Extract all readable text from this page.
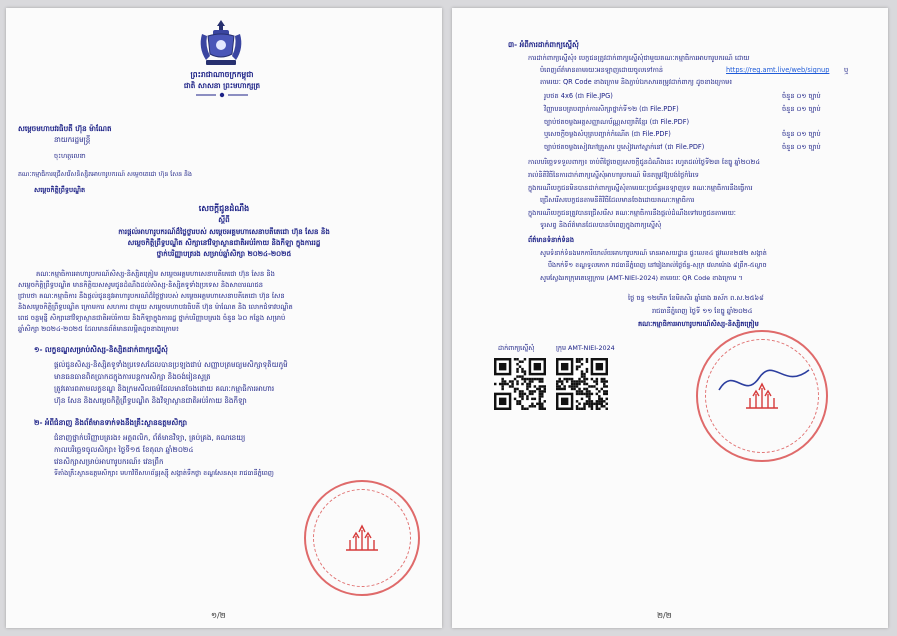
ព្រះរាជាណាចក្រកម្ពុជា
ជាតិ សាសនា ព្រះមហាក្សត្រ
សម្តេចមហាបវរធិបតី ហ៊ុន ម៉ាណែត
នាយករដ្ឋមន្ត្រី
ចុះហត្ថលេខា
គណៈកម្មាធិការជ្រើសរើសនិស្សិតអាហារូបករណ៍ សម្តេចតេជោ ហ៊ុន សែន និង
សម្តេចកិត្តិព្រឹទ្ធបណ្ឌិត
សេចក្តីជូនដំណឹង
ស្តីពី
ការផ្តល់អាហារូបករណ៍ដ៏ថ្លៃថ្លារបស់ សម្តេចអគ្គមហាសេនាបតីតេជោ ហ៊ុន សែន និង
សម្តេចកិត្តិព្រឹទ្ធបណ្ឌិត សិក្សានៅវិទ្យាស្ថានជាតិអប់រំកាយ និងកីឡា ក្នុងការរដ្ឋ
ថ្នាក់បរិញ្ញាបត្ររង សម្រាប់ឆ្នាំសិក្សា ២០២៤-២០២៥
គណៈកម្មាធិការអាហារូបករណ៍សិស្ស-និស្សិតត្រៀម សម្តេចអគ្គមហាសេនាបតីតេជោ ហ៊ុន សែន និង
សម្តេចកិត្តិព្រឹទ្ធបណ្ឌិត មានកិត្តិយសសូមជូនដំណឹងដល់សិស្ស-និស្សិតទូទាំងប្រទេស និងសាធារណជន
ជ្រាបថា គណៈកម្មាធិការ នឹងផ្តល់ជូននូវអាហារូបករណ៍ដ៏ថ្លៃថ្លារបស់ សម្តេចអគ្គមហាសេនាបតីតេជោ ហ៊ុន សែន
និងសម្តេចកិត្តិព្រឹទ្ធបណ្ឌិត ក្រោមការ សហការ ជាមួយ សម្តេចមហាបវរធិបតី ហ៊ុន ម៉ាណែត និង លោកជំទាវបណ្ឌិត
ពេជ ចន្ទមុន្នី សិក្សានៅវិទ្យាស្ថានជាតិអប់រំកាយ និងកីឡាក្នុងការរដ្ឋ ថ្នាក់បរិញ្ញាបត្ររង ចំនួន ៦០ កន្លែង សម្រាប់
ឆ្នាំសិក្សា ២០២៤-២០២៥ ដែលមានព័ត៌មានលម្អិតដូចខាងក្រោម៖
១- លក្ខខណ្ឌសម្រាប់សិស្ស-និស្សិតដាក់ពាក្យស្នើសុំ
ផ្តល់ជូនសិស្ស-និស្សិតទូទាំងប្រទេសដែលបានប្រឡងជាប់ សញ្ញាបត្រមធ្យមសិក្សាទុតិយភូមិ
មានធនធានពិតប្រាកដក្នុងការបន្តការសិក្សា និងចង់រៀនសូត្រ
ត្រូវគោរពតាមលក្ខខណ្ឌ និងក្រមសីលធម៌ដែលមានចែងដោយ គណៈកម្មាធិការអាហារ
ហ៊ុន សែន និងសម្តេចកិត្តិព្រឹទ្ធបណ្ឌិត និងវិទ្យាស្ថានជាតិអប់រំកាយ និងកីឡា
២- អំពីជំនាញ និងព័ត៌មានទាក់ទងនឹងគ្រឹះស្ថានឧត្តមសិក្សា
ជំនាញថ្នាក់បរិញ្ញាបត្ររង៖ អត្តពលិក, ព័ត៌មានវិទ្យា, គ្រប់គ្រង, គណនេយ្យ
កាលបរិច្ឆេទចូលសិក្សា៖ ថ្ងៃទី១៥ ខែតុលា ឆ្នាំ២០២៤
វេនសិក្សាសម្រាប់អាហារូបករណ៍៖ វេនព្រឹក
ទីតាំងគ្រឹះស្ថានឧត្តមសិក្សា៖ មហាវិថីសហព័ន្ធរុស្ស៊ី សង្កាត់ទឹកថ្លា ខណ្ឌសែនសុខ រាជធានីភ្នំពេញ
១/២
៣- អំពីការដាក់ពាក្យស្នើសុំ
ការដាក់ពាក្យស្នើសុំ៖ បេក្ខជនត្រូវដាក់ពាក្យស្នើសុំជាមួយគណៈកម្មាធិការអាហារូបករណ៍ ដោយ
បំពេញព័ត៌មានតាមរយៈអនឡាញដោយចូលទៅកាន់	https://reg.amt.live/web/signup ឬ
តាមរយៈ QR Code ខាងក្រោម និងភ្ជាប់ឯកសារតម្រូវដាក់ពាក្យ ដូចខាងក្រោម៖
រូបថត 4x6 (ជា File.JPG)	ចំនួន ០១ ច្បាប់
វិញ្ញាបនបត្របញ្ជាក់ការសិក្សាថ្នាក់ទី១២ (ជា File.PDF)	ចំនួន ០១ ច្បាប់
ច្បាប់ថតចម្លងអត្តសញ្ញាណប័ណ្ណសញ្ជាតិខ្មែរ (ជា File.PDF)
ឬសេចក្តីចម្លងសំបុត្របញ្ជាក់កំណើត (ជា File.PDF)	ចំនួន ០១ ច្បាប់
ច្បាប់ថតចម្លងសៀវភៅគ្រួសារ ឬសៀវភៅស្នាក់នៅ (ជា File.PDF)	ចំនួន ០១ ច្បាប់
កាលបរិច្ឆេទទទួលពាក្យ៖ ចាប់ពីថ្ងៃចេញសេចក្តីជូនដំណឹងនេះ រហូតដល់ថ្ងៃទី២៣ ខែធ្នូ ឆ្នាំ២០២៤
រាល់និតិវិធីនៃការដាក់ពាក្យស្នើសុំអាហារូបករណ៍ មិនតម្រូវឱ្យបង់ថ្លៃកំរៃទេ
ក្នុងករណីបេក្ខជនមិនបានដាក់ពាក្យស្នើសុំតាមរយៈប្រព័ន្ធអនឡាញទេ គណៈកម្មាធិការនឹងធ្វើការ
ជ្រើសរើសបេក្ខជនតាមនីតិវិធីដែលមានចែងដោយគណៈកម្មាធិការ
ក្នុងករណីបេក្ខជនត្រូវបានជ្រើសរើស គណៈកម្មាធិការនឹងផ្តល់ដំណឹងទៅបេក្ខជនតាមរយៈ
ទូរសព្ទ និងព័ត៌មានដែលបានបំពេញក្នុងពាក្យស្នើសុំ
ព័ត៌មានទំនាក់ទំនង
សូមទំនាក់ទំនងមកការិយាល័យអាហារូបករណ៍ មានអាសយដ្ឋាន ផ្ទះលេខ៤ ផ្លូវលេខ២៧២ សង្កាត់
បឹងកក់ទី១ ខណ្ឌទួលគោក រាជធានីភ្នំពេញ នៅរៀងរាល់ថ្ងៃច័ន្ទ-សុក្រ វេលាម៉ោង ៨ព្រឹក-៥ល្ងាច
សូមស្វែងរកក្រុមតេឡេក្រាម (AMT-NIEI-2024) តាមរយៈ QR Code ខាងក្រោម ។
ថ្ងៃ ចន្ទ ១២កើត ខែមិគសិរ ឆ្នាំរោង ឆស័ក ព.ស.២៥៦៨
រាជធានីភ្នំពេញ ថ្ងៃទី ១១ ខែធ្នូ ឆ្នាំ២០២៤
គណៈកម្មាធិការអាហារូបករណ៍សិស្ស-និស្សិតត្រៀម
ដាក់ពាក្យស្នើសុំ	ក្រុម AMT-NIEI-2024
២/២
